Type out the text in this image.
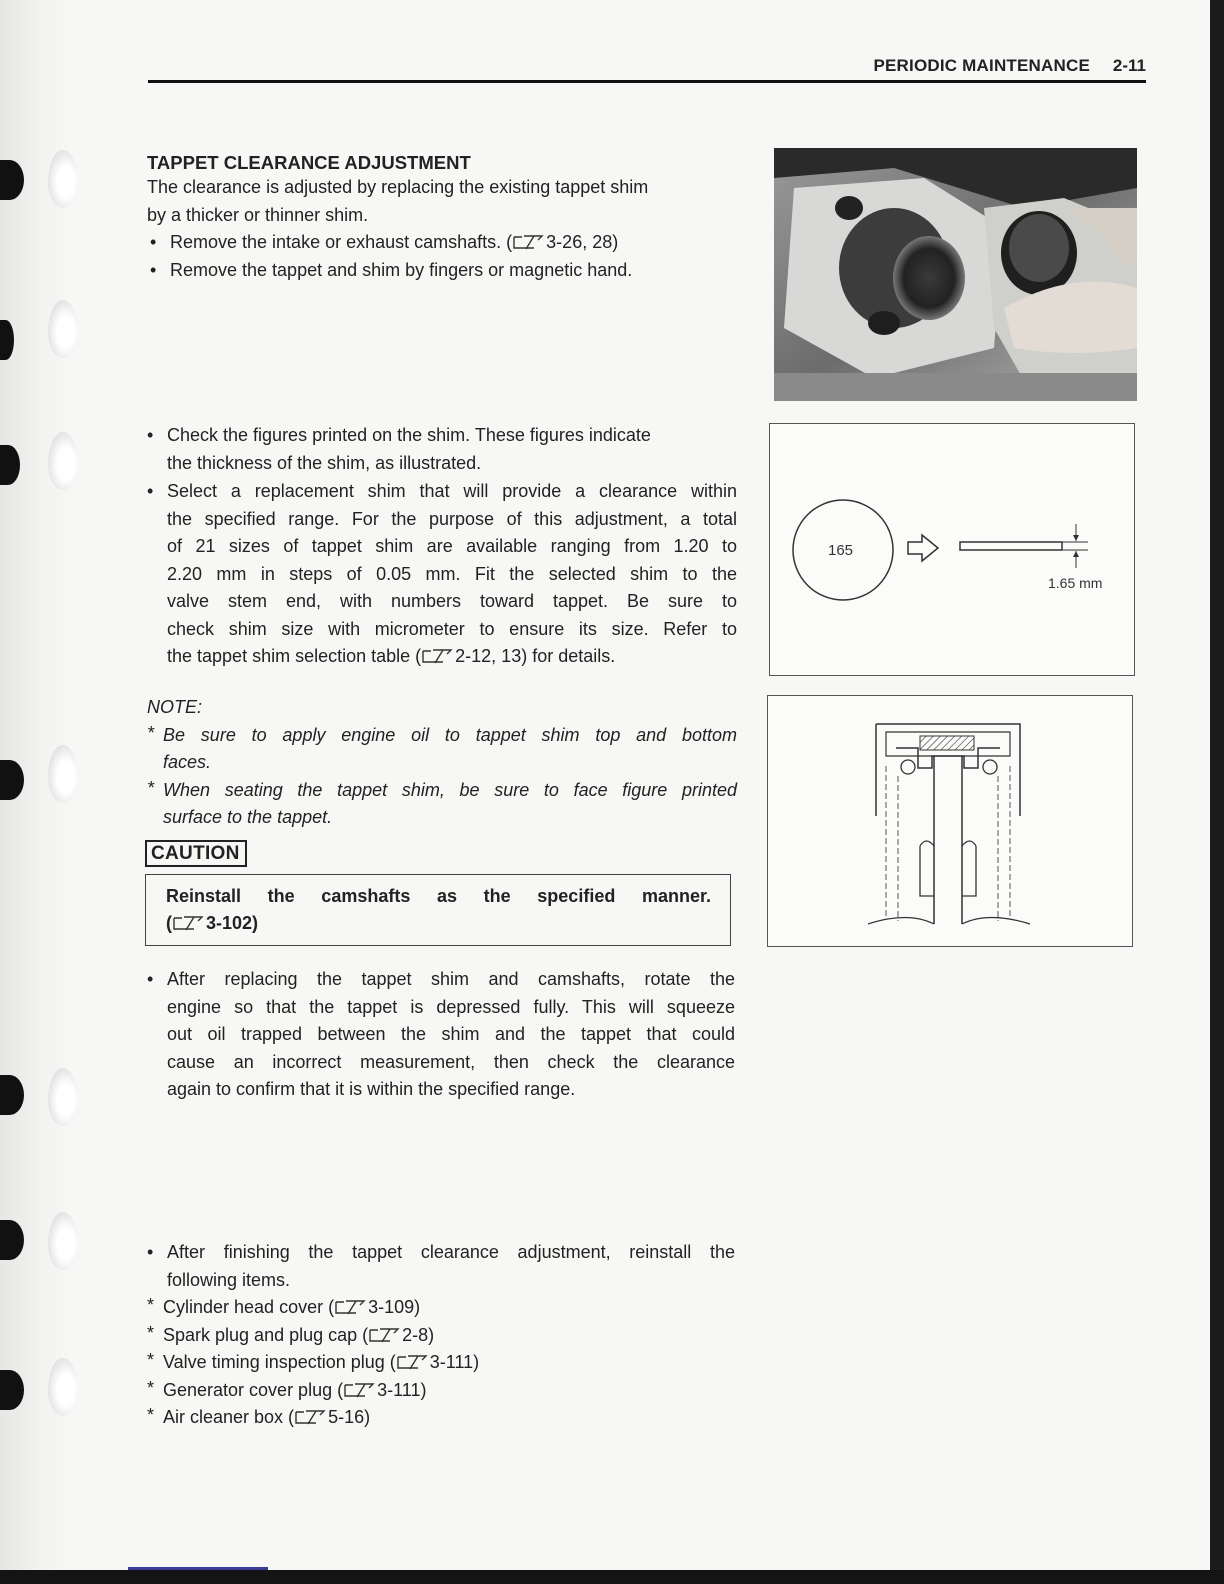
PERIODIC MAINTENANCE 2-11
TAPPET CLEARANCE ADJUSTMENT
The clearance is adjusted by replacing the existing tappet shim
by a thicker or thinner shim.
• Remove the intake or exhaust camshafts. ( 3-26, 28)
• Remove the tappet and shim by fingers or magnetic hand.
• Check the figures printed on the shim. These figures indicate
the thickness of the shim, as illustrated.
• Select a replacement shim that will provide a clearance within
the specified range. For the purpose of this adjustment, a total
of 21 sizes of tappet shim are available ranging from 1.20 to
2.20 mm in steps of 0.05 mm. Fit the selected shim to the
valve stem end, with numbers toward tappet. Be sure to
check shim size with micrometer to ensure its size. Refer to
the tappet shim selection table ( 2-12, 13) for details.
165
1.65 mm
NOTE:
* Be sure to apply engine oil to tappet shim top and bottom
faces.
* When seating the tappet shim, be sure to face figure printed
surface to the tappet.
CAUTION
Reinstall the camshafts as the specified manner.
( 3-102)
• After replacing the tappet shim and camshafts, rotate the
engine so that the tappet is depressed fully. This will squeeze
out oil trapped between the shim and the tappet that could
cause an incorrect measurement, then check the clearance
again to confirm that it is within the specified range.
• After finishing the tappet clearance adjustment, reinstall the
following items.
* Cylinder head cover ( 3-109)
* Spark plug and plug cap ( 2-8)
* Valve timing inspection plug ( 3-111)
* Generator cover plug ( 3-111)
* Air cleaner box ( 5-16)
